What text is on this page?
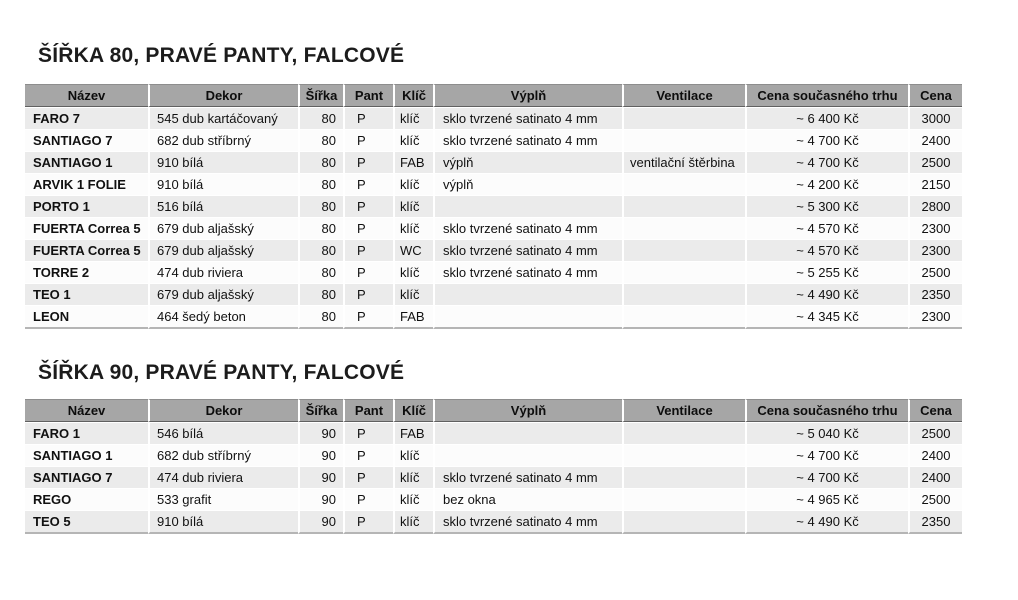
ŠÍŘKA 80, PRAVÉ PANTY, FALCOVÉ
Název	Dekor	Šířka	Pant	Klíč	Výplň	Ventilace	Cena současného trhu	Cena
FARO 7	545 dub kartáčovaný	80	P	klíč	sklo tvrzené satinato 4 mm		~ 6 400 Kč	3000
SANTIAGO 7	682 dub stříbrný	80	P	klíč	sklo tvrzené satinato 4 mm		~ 4 700 Kč	2400
SANTIAGO 1	910 bílá	80	P	FAB	výplň	ventilační štěrbina	~ 4 700 Kč	2500
ARVIK 1 FOLIE	910 bílá	80	P	klíč	výplň		~ 4 200 Kč	2150
PORTO 1	516 bílá	80	P	klíč			~ 5 300 Kč	2800
FUERTA Correa 5	679 dub aljašský	80	P	klíč	sklo tvrzené satinato 4 mm		~ 4 570 Kč	2300
FUERTA Correa 5	679 dub aljašský	80	P	WC	sklo tvrzené satinato 4 mm		~ 4 570 Kč	2300
TORRE 2	474 dub riviera	80	P	klíč	sklo tvrzené satinato 4 mm		~ 5 255 Kč	2500
TEO 1	679 dub aljašský	80	P	klíč			~ 4 490 Kč	2350
LEON	464 šedý beton	80	P	FAB			~ 4 345 Kč	2300
ŠÍŘKA 90, PRAVÉ PANTY, FALCOVÉ
Název	Dekor	Šířka	Pant	Klíč	Výplň	Ventilace	Cena současného trhu	Cena
FARO 1	546 bílá	90	P	FAB			~ 5 040 Kč	2500
SANTIAGO 1	682 dub stříbrný	90	P	klíč			~ 4 700 Kč	2400
SANTIAGO 7	474 dub riviera	90	P	klíč	sklo tvrzené satinato 4 mm		~ 4 700 Kč	2400
REGO	533 grafit	90	P	klíč	bez okna		~ 4 965 Kč	2500
TEO 5	910 bílá	90	P	klíč	sklo tvrzené satinato 4 mm		~ 4 490 Kč	2350
